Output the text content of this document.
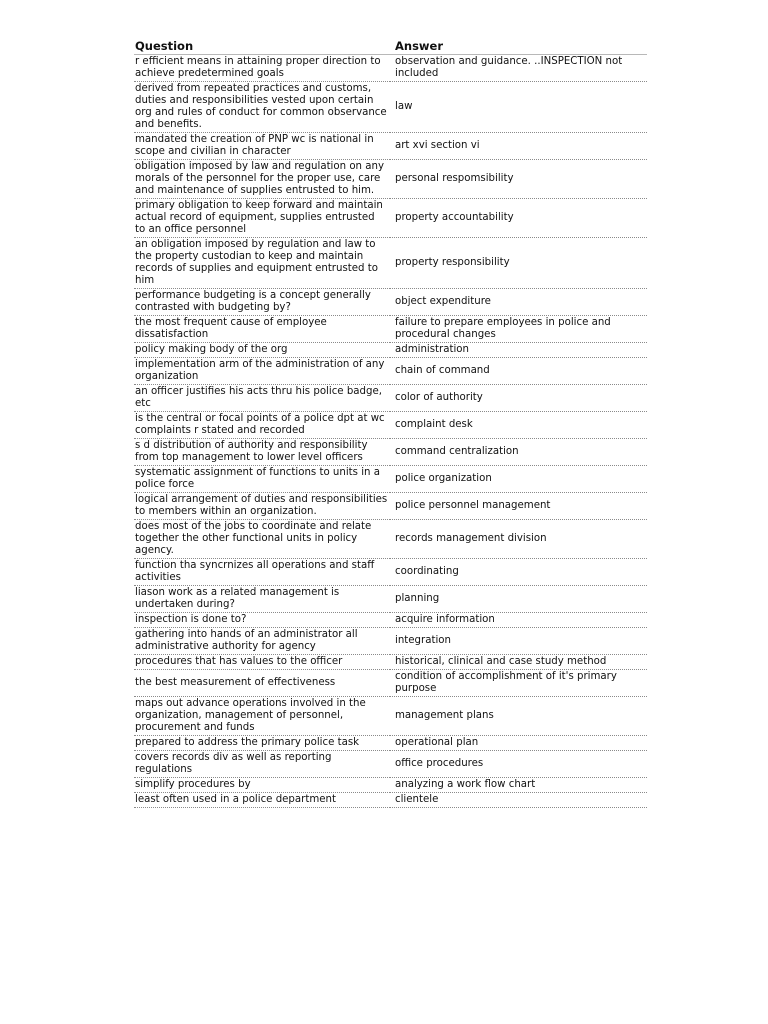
Question	Answer
r efficient means in attaining proper direction to achieve predetermined goals	observation and guidance. ..INSPECTION not included
derived from repeated practices and customs, duties and responsibilities vested upon certain org and rules of conduct for common observance and benefits.	law
mandated the creation of PNP wc is national in scope and civilian in character	art xvi section vi
obligation imposed by law and regulation on any morals of the personnel for the proper use, care and maintenance of supplies entrusted to him.	personal respomsibility
primary obligation to keep forward and maintain actual record of equipment, supplies entrusted to an office personnel	property accountability
an obligation imposed by regulation and law to the property custodian to keep and maintain records of supplies and equipment entrusted to him	property responsibility
performance budgeting is a concept generally contrasted with budgeting by?	object expenditure
the most frequent cause of employee dissatisfaction	failure to prepare employees in police and procedural changes
policy making body of the org	administration
implementation arm of the administration of any organization	chain of command
an officer justifies his acts thru his police badge, etc	color of authority
is the central or focal points of a police dpt at wc complaints r stated and recorded	complaint desk
s d distribution of authority and responsibility from top management to lower level officers	command centralization
systematic assignment of functions to units in a police force	police organization
logical arrangement of duties and responsibilities to members within an organization.	police personnel management
does most of the jobs to coordinate and relate together the other functional units in policy agency.	records management division
function tha syncrnizes all operations and staff activities	coordinating
liason work as a related management is undertaken during?	planning
inspection is done to?	acquire information
gathering into hands of an administrator all administrative authority for agency	integration
procedures that has values to the officer	historical, clinical and case study method
the best measurement of effectiveness	condition of accomplishment of it's primary purpose
maps out advance operations involved in the organization, management of personnel, procurement and funds	management plans
prepared to address the primary police task	operational plan
covers records div as well as reporting regulations	office procedures
simplify procedures by	analyzing a work flow chart
least often used in a police department	clientele
